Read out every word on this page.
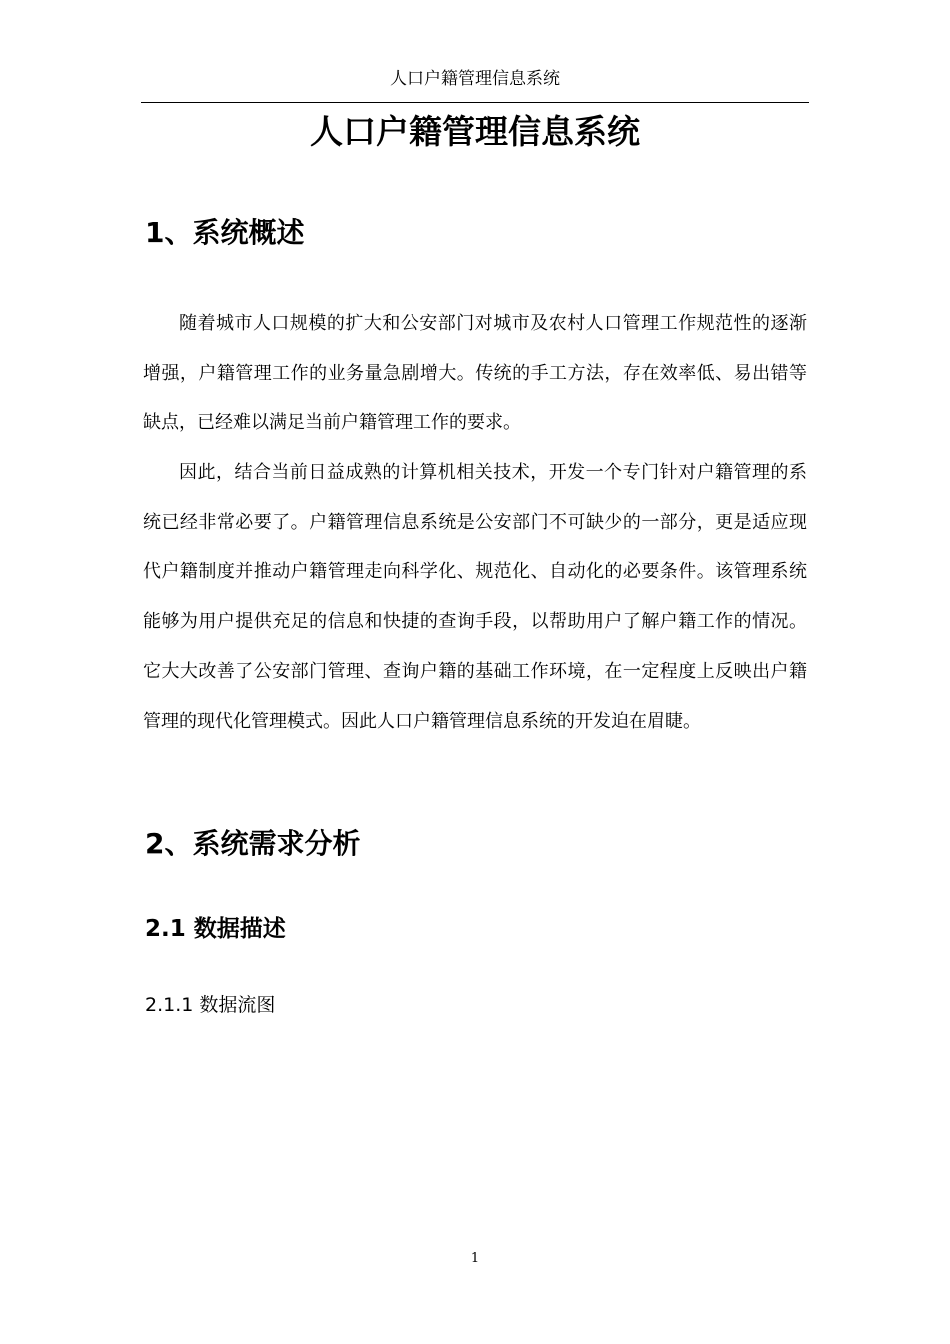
人口户籍管理信息系统
人口户籍管理信息系统
1、系统概述

随着城市人口规模的扩大和公安部门对城市及农村人口管理工作规范性的逐渐增强，户籍管理工作的业务量急剧增大。传统的手工方法，存在效率低、易出错等缺点，已经难以满足当前户籍管理工作的要求。

因此，结合当前日益成熟的计算机相关技术，开发一个专门针对户籍管理的系统已经非常必要了。户籍管理信息系统是公安部门不可缺少的一部分，更是适应现代户籍制度并推动户籍管理走向科学化、规范化、自动化的必要条件。该管理系统能够为用户提供充足的信息和快捷的查询手段，以帮助用户了解户籍工作的情况。它大大改善了公安部门管理、查询户籍的基础工作环境，在一定程度上反映出户籍管理的现代化管理模式。因此人口户籍管理信息系统的开发迫在眉睫。

2、系统需求分析
2.1 数据描述
2.1.1 数据流图
1
